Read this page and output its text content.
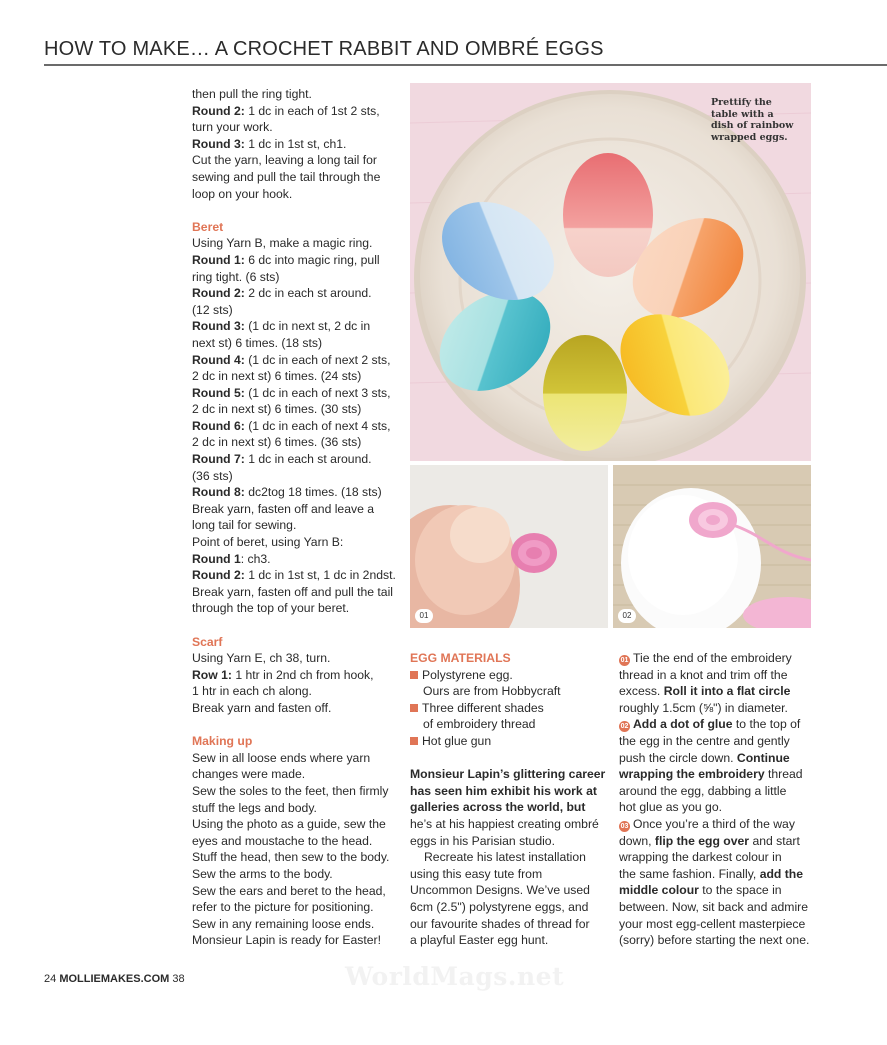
HOW TO MAKE… A CROCHET RABBIT AND OMBRÉ EGGS
then pull the ring tight.
Round 2: 1 dc in each of 1st 2 sts,
turn your work.
Round 3: 1 dc in 1st st, ch1.
Cut the yarn, leaving a long tail for
sewing and pull the tail through the
loop on your hook.
Beret
Using Yarn B, make a magic ring.
Round 1: 6 dc into magic ring, pull
ring tight. (6 sts)
Round 2: 2 dc in each st around.
(12 sts)
Round 3: (1 dc in next st, 2 dc in
next st) 6 times. (18 sts)
Round 4: (1 dc in each of next 2 sts,
2 dc in next st) 6 times. (24 sts)
Round 5: (1 dc in each of next 3 sts,
2 dc in next st) 6 times. (30 sts)
Round 6: (1 dc in each of next 4 sts,
2 dc in next st) 6 times. (36 sts)
Round 7: 1 dc in each st around.
(36 sts)
Round 8: dc2tog 18 times. (18 sts)
Break yarn, fasten off and leave a
long tail for sewing.
Point of beret, using Yarn B:
Round 1: ch3.
Round 2: 1 dc in 1st st, 1 dc in 2ndst.
Break yarn, fasten off and pull the tail
through the top of your beret.
Scarf
Using Yarn E, ch 38, turn.
Row 1: 1 htr in 2nd ch from hook,
1 htr in each ch along.
Break yarn and fasten off.
Making up
Sew in all loose ends where yarn
changes were made.
Sew the soles to the feet, then firmly
stuff the legs and body.
Using the photo as a guide, sew the
eyes and moustache to the head.
Stuff the head, then sew to the body.
Sew the arms to the body.
Sew the ears and beret to the head,
refer to the picture for positioning.
Sew in any remaining loose ends.
Monsieur Lapin is ready for Easter!
Prettify the table with a dish of rainbow wrapped eggs.
01	02
EGG MATERIALS
Polystyrene egg.
Ours are from Hobbycraft
Three different shades
of embroidery thread
Hot glue gun
Monsieur Lapin’s glittering career
has seen him exhibit his work at
galleries across the world, but
he’s at his happiest creating ombré
eggs in his Parisian studio.
Recreate his latest installation
using this easy tute from
Uncommon Designs. We’ve used
6cm (2.5") polystyrene eggs, and
our favourite shades of thread for
a playful Easter egg hunt.
01 Tie the end of the embroidery
thread in a knot and trim off the
excess. Roll it into a flat circle
roughly 1.5cm (⅝") in diameter.
02 Add a dot of glue to the top of
the egg in the centre and gently
push the circle down. Continue
wrapping the embroidery thread
around the egg, dabbing a little
hot glue as you go.
03 Once you’re a third of the way
down, flip the egg over and start
wrapping the darkest colour in
the same fashion. Finally, add the
middle colour to the space in
between. Now, sit back and admire
your most egg-cellent masterpiece
(sorry) before starting the next one.
24 MOLLIEMAKES.COM 38	WorldMags.net
